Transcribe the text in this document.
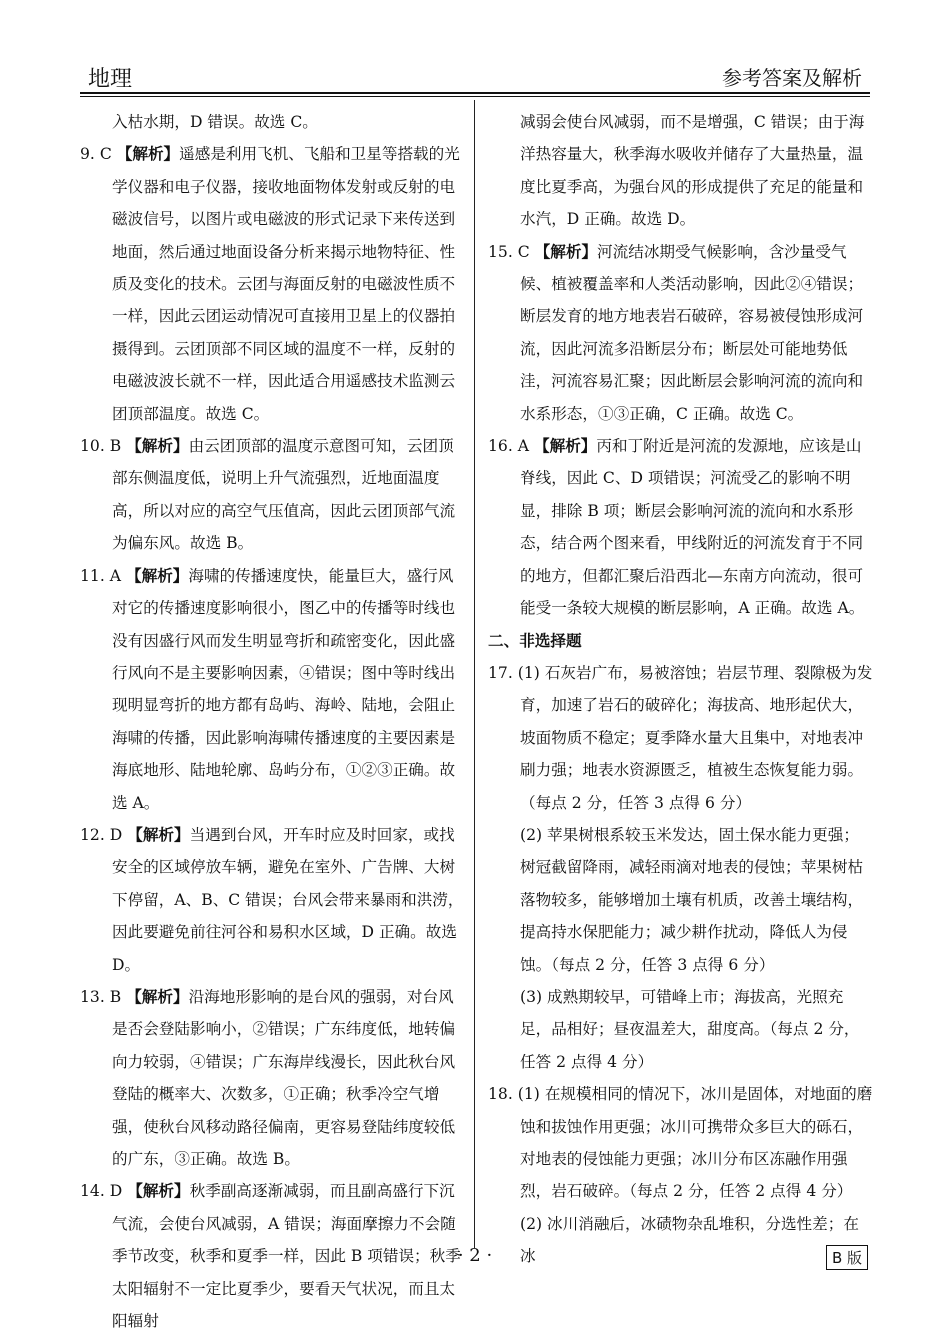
地理	参考答案及解析

入枯水期，D 错误。故选 C。

9. C 【解析】遥感是利用飞机、飞船和卫星等搭载的光学仪器和电子仪器，接收地面物体发射或反射的电磁波信号，以图片或电磁波的形式记录下来传送到地面，然后通过地面设备分析来揭示地物特征、性质及变化的技术。云团与海面反射的电磁波性质不一样，因此云团运动情况可直接用卫星上的仪器拍摄得到。云团顶部不同区域的温度不一样，反射的电磁波波长就不一样，因此适合用遥感技术监测云团顶部温度。故选 C。

10. B 【解析】由云团顶部的温度示意图可知，云团顶部东侧温度低，说明上升气流强烈，近地面温度高，所以对应的高空气压值高，因此云团顶部气流为偏东风。故选 B。

11. A 【解析】海啸的传播速度快，能量巨大，盛行风对它的传播速度影响很小，图乙中的传播等时线也没有因盛行风而发生明显弯折和疏密变化，因此盛行风向不是主要影响因素，④错误；图中等时线出现明显弯折的地方都有岛屿、海岭、陆地，会阻止海啸的传播，因此影响海啸传播速度的主要因素是海底地形、陆地轮廓、岛屿分布，①②③正确。故选 A。

12. D 【解析】当遇到台风，开车时应及时回家，或找安全的区域停放车辆，避免在室外、广告牌、大树下停留，A、B、C 错误；台风会带来暴雨和洪涝，因此要避免前往河谷和易积水区域，D 正确。故选 D。

13. B 【解析】沿海地形影响的是台风的强弱，对台风是否会登陆影响小，②错误；广东纬度低，地转偏向力较弱，④错误；广东海岸线漫长，因此秋台风登陆的概率大、次数多，①正确；秋季冷空气增强，使秋台风移动路径偏南，更容易登陆纬度较低的广东，③正确。故选 B。

14. D 【解析】秋季副高逐渐减弱，而且副高盛行下沉气流，会使台风减弱，A 错误；海面摩擦力不会随季节改变，秋季和夏季一样，因此 B 项错误；秋季太阳辐射不一定比夏季少，要看天气状况，而且太阳辐射

减弱会使台风减弱，而不是增强，C 错误；由于海洋热容量大，秋季海水吸收并储存了大量热量，温度比夏季高，为强台风的形成提供了充足的能量和水汽，D 正确。故选 D。

15. C 【解析】河流结冰期受气候影响，含沙量受气候、植被覆盖率和人类活动影响，因此②④错误；断层发育的地方地表岩石破碎，容易被侵蚀形成河流，因此河流多沿断层分布；断层处可能地势低洼，河流容易汇聚；因此断层会影响河流的流向和水系形态，①③正确，C 正确。故选 C。

16. A 【解析】丙和丁附近是河流的发源地，应该是山脊线，因此 C、D 项错误；河流受乙的影响不明显，排除 B 项；断层会影响河流的流向和水系形态，结合两个图来看，甲线附近的河流发育于不同的地方，但都汇聚后沿西北—东南方向流动，很可能受一条较大规模的断层影响，A 正确。故选 A。

二、非选择题

17. (1) 石灰岩广布，易被溶蚀；岩层节理、裂隙极为发育，加速了岩石的破碎化；海拔高、地形起伏大，坡面物质不稳定；夏季降水量大且集中，对地表冲刷力强；地表水资源匮乏，植被生态恢复能力弱。（每点 2 分，任答 3 点得 6 分）

(2) 苹果树根系较玉米发达，固土保水能力更强；树冠截留降雨，减轻雨滴对地表的侵蚀；苹果树枯落物较多，能够增加土壤有机质，改善土壤结构，提高持水保肥能力；减少耕作扰动，降低人为侵蚀。（每点 2 分，任答 3 点得 6 分）

(3) 成熟期较早，可错峰上市；海拔高，光照充足，品相好；昼夜温差大，甜度高。（每点 2 分，任答 2 点得 4 分）

18. (1) 在规模相同的情况下，冰川是固体，对地面的磨蚀和拔蚀作用更强；冰川可携带众多巨大的砾石，对地表的侵蚀能力更强；冰川分布区冻融作用强烈，岩石破碎。（每点 2 分，任答 2 点得 4 分）

(2) 冰川消融后，冰碛物杂乱堆积，分选性差；在冰

· 2 ·	B 版
